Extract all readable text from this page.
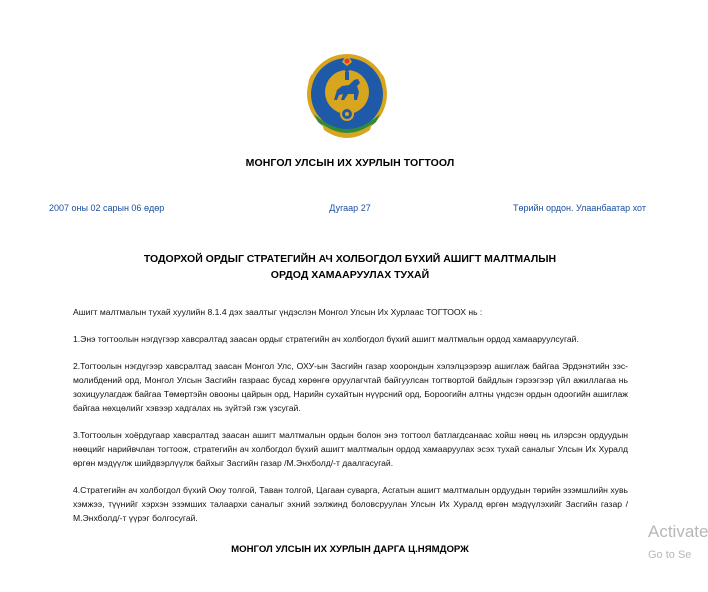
МОНГОЛ УЛСЫН ИХ ХУРЛЫН ТОГТООЛ
2007 оны 02 сарын 06 өдөр	Дугаар 27	Төрийн ордон. Улаанбаатар хот
ТОДОРХОЙ ОРДЫГ СТРАТЕГИЙН АЧ ХОЛБОГДОЛ БҮХИЙ АШИГТ МАЛТМАЛЫН
ОРДОД ХАМААРУУЛАХ ТУХАЙ

Ашигт малтмалын тухай хуулийн 8.1.4 дэх заалтыг үндэслэн Монгол Улсын Их Хурлаас ТОГТООХ нь :

1.Энэ тогтоолын нэгдүгээр хавсралтад заасан ордыг стратегийн ач холбогдол бүхий ашигт малтмалын ордод хамааруулсугай.

2.Тогтоолын нэгдүгээр хавсралтад заасан Монгол Улс, ОХУ-ын Засгийн газар хоорондын хэлэлцээрээр ашиглаж байгаа Эрдэнэтийн зэс-молибдений орд, Монгол Улсын Засгийн газраас бусад хөрөнгө оруулагчтай байгуулсан тогтвортой байдлын гэрээгээр үйл ажиллагаа нь зохицуулагдаж байгаа Төмөртэйн овооны цайрын орд, Нарийн сухайтын нүүрсний орд, Бороогийн алтны үндсэн ордын одоогийн ашиглаж байгаа нөхцөлийг хэвээр хадгалах нь зүйтэй гэж үзсугай.

3.Тогтоолын хоёрдугаар хавсралтад заасан ашигт малтмалын ордын болон энэ тогтоол батлагдсанаас хойш нөөц нь илэрсэн ордуудын нөөцийг нарийвчлан тогтоож, стратегийн ач холбогдол бүхий ашигт малтмалын ордод хамааруулах эсэх тухай саналыг Улсын Их Хуралд өргөн мэдүүлж шийдвэрлүүлж байхыг Засгийн газар /М.Энхболд/-т даалгасугай.

4.Стратегийн ач холбогдол бүхий Оюу толгой, Таван толгой, Цагаан суварга, Асгатын ашигт малтмалын ордуудын төрийн эзэмшлийн хувь хэмжээ, түүнийг хэрхэн эзэмших талаархи саналыг эхний ээлжинд боловсруулан Улсын Их Хуралд өргөн мэдүүлэхийг Засгийн газар /М.Энхболд/-т үүрэг болгосугай.

МОНГОЛ УЛСЫН ИХ ХУРЛЫН ДАРГА Ц.НЯМДОРЖ
Activate
Go to Se
